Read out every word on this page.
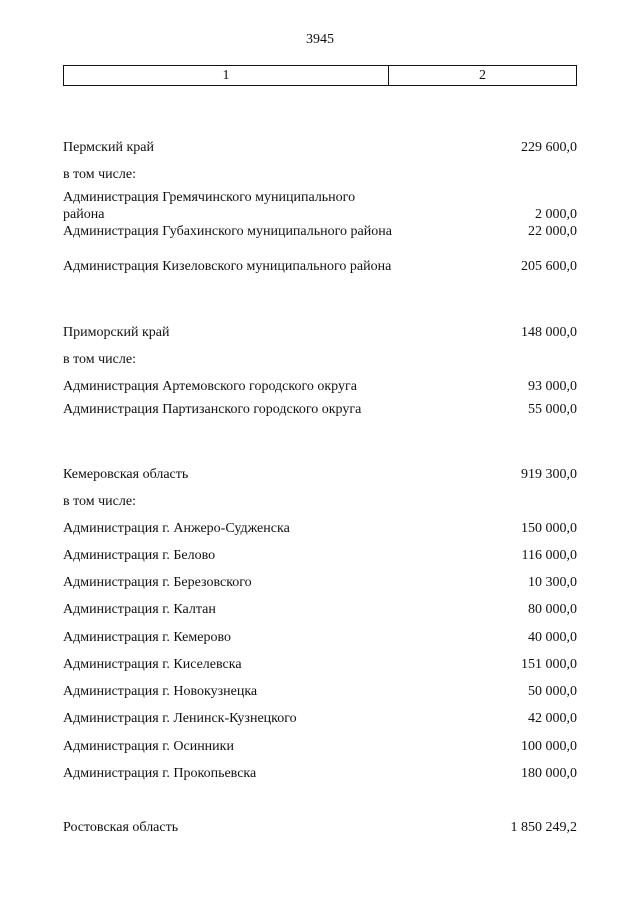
3945
1	2
Пермский край	229 600,0
в том числе:
Администрация Гремячинского муниципального района	2 000,0
Администрация Губахинского муниципального района	22 000,0
Администрация Кизеловского муниципального района	205 600,0
Приморский край	148 000,0
в том числе:
Администрация Артемовского городского округа	93 000,0
Администрация Партизанского городского округа	55 000,0
Кемеровская область	919 300,0
в том числе:
Администрация г. Анжеро-Судженска	150 000,0
Администрация г. Белово	116 000,0
Администрация г. Березовского	10 300,0
Администрация г. Калтан	80 000,0
Администрация г. Кемерово	40 000,0
Администрация г. Киселевска	151 000,0
Администрация г. Новокузнецка	50 000,0
Администрация г. Ленинск-Кузнецкого	42 000,0
Администрация г. Осинники	100 000,0
Администрация г. Прокопьевска	180 000,0
Ростовская область	1 850 249,2
